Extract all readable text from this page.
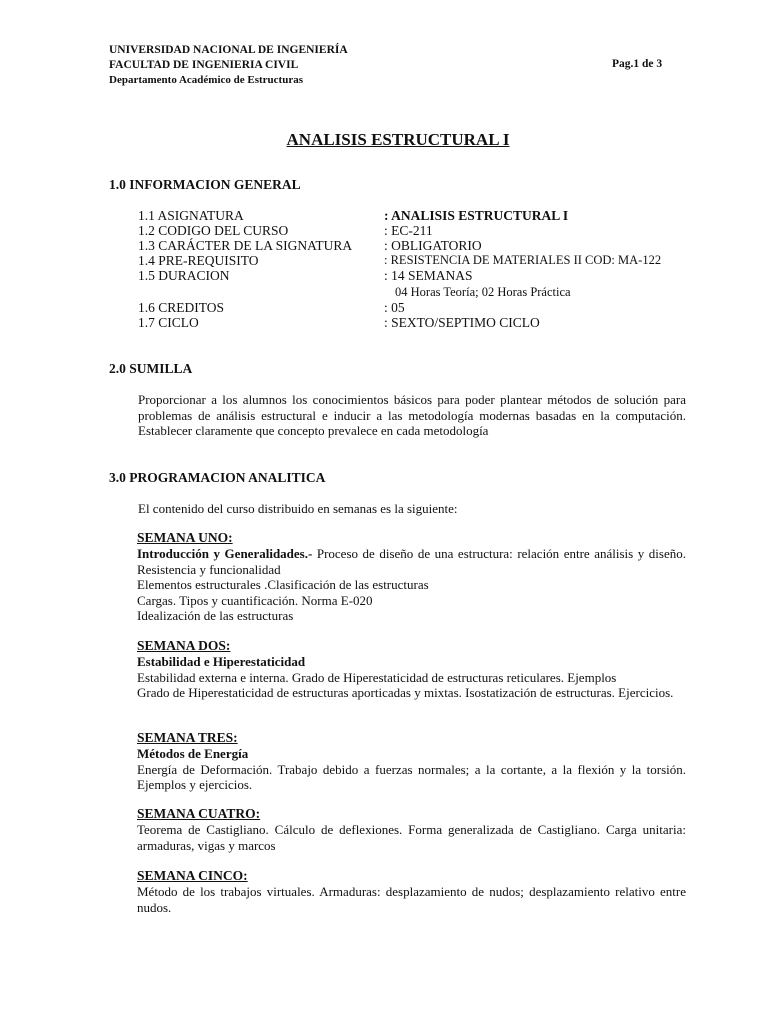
UNIVERSIDAD NACIONAL DE INGENIERÍA
FACULTAD DE INGENIERIA CIVIL
Departamento Académico de Estructuras
Pag.1 de 3
ANALISIS ESTRUCTURAL I
1.0 INFORMACION GENERAL
1.1 ASIGNATURA	: ANALISIS ESTRUCTURAL I
1.2 CODIGO DEL CURSO	: EC-211
1.3 CARÁCTER DE LA SIGNATURA : OBLIGATORIO
1.4 PRE-REQUISITO	: RESISTENCIA DE MATERIALES II COD: MA-122
1.5 DURACION	: 14 SEMANAS
04 Horas Teoría; 02 Horas Práctica
1.6 CREDITOS	: 05
1.7 CICLO	: SEXTO/SEPTIMO CICLO
2.0 SUMILLA
Proporcionar a los alumnos los conocimientos básicos para poder plantear métodos de solución para problemas de análisis estructural e inducir a las metodología modernas basadas en la computación. Establecer claramente que concepto prevalece en cada metodología
3.0 PROGRAMACION ANALITICA
El contenido del curso distribuido en semanas es la siguiente:
SEMANA UNO:
Introducción y Generalidades.- Proceso de diseño de una estructura: relación entre análisis y diseño. Resistencia y funcionalidad
Elementos estructurales .Clasificación de las estructuras
Cargas. Tipos y cuantificación. Norma E-020
Idealización de las estructuras
SEMANA DOS:
Estabilidad e Hiperestaticidad
Estabilidad externa e interna. Grado de Hiperestaticidad de estructuras reticulares. Ejemplos
Grado de Hiperestaticidad de estructuras aporticadas y mixtas. Isostatización de estructuras. Ejercicios.
SEMANA TRES:
Métodos de Energía
Energía de Deformación. Trabajo debido a fuerzas normales; a la cortante, a la flexión y la torsión. Ejemplos y ejercicios.
SEMANA CUATRO:
Teorema de Castigliano. Cálculo de deflexiones. Forma generalizada de Castigliano. Carga unitaria: armaduras, vigas y marcos
SEMANA CINCO:
Método de los trabajos virtuales. Armaduras: desplazamiento de nudos; desplazamiento relativo entre nudos.
